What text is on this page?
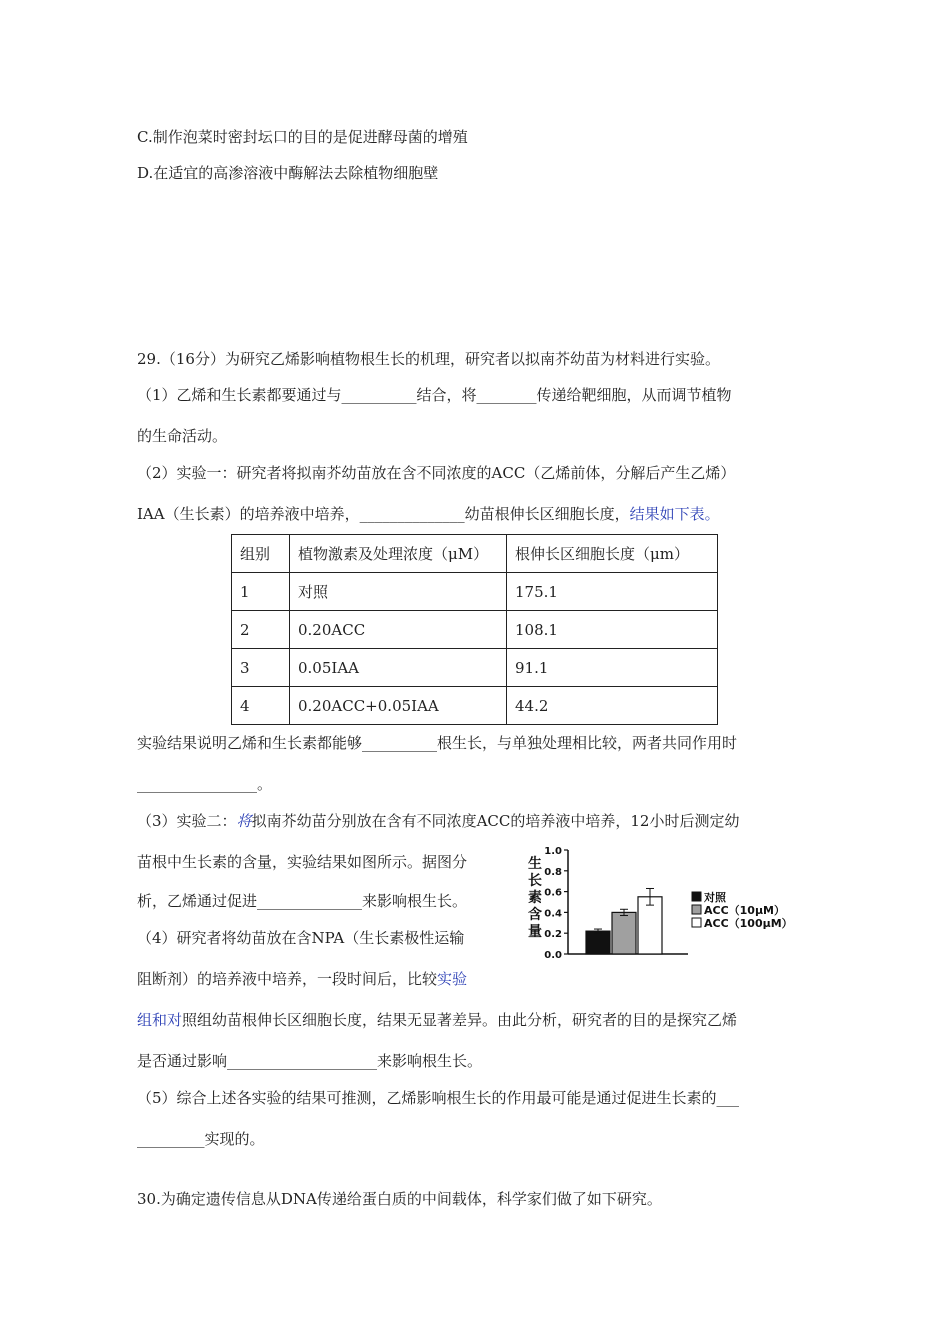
C.制作泡菜时密封坛口的目的是促进酵母菌的增殖
D.在适宜的高渗溶液中酶解法去除植物细胞壁
29.（16分）为研究乙烯影响植物根生长的机理，研究者以拟南芥幼苗为材料进行实验。
（1）乙烯和生长素都要通过与__________结合，将________传递给靶细胞，从而调节植物
的生命活动。
（2）实验一：研究者将拟南芥幼苗放在含不同浓度的ACC（乙烯前体，分解后产生乙烯）
IAA（生长素）的培养液中培养，______________幼苗根伸长区细胞长度，结果如下表。
组别	植物激素及处理浓度（μM）	根伸长区细胞长度（μm）
1	对照	175.1
2	0.20ACC	108.1
3	0.05IAA	91.1
4	0.20ACC+0.05IAA	44.2
实验结果说明乙烯和生长素都能够__________根生长，与单独处理相比较，两者共同作用时
________________。
（3）实验二：将拟南芥幼苗分别放在含有不同浓度ACC的培养液中培养，12小时后测定幼
苗根中生长素的含量，实验结果如图所示。据图分
析，乙烯通过促进______________来影响根生长。
（4）研究者将幼苗放在含NPA（生长素极性运输
阻断剂）的培养液中培养，一段时间后，比较实验
组和对照组幼苗根伸长区细胞长度，结果无显著差异。由此分析，研究者的目的是探究乙烯
是否通过影响____________________来影响根生长。
（5）综合上述各实验的结果可推测，乙烯影响根生长的作用最可能是通过促进生长素的___
_________实现的。
30.为确定遗传信息从DNA传递给蛋白质的中间载体，科学家们做了如下研究。
生
长
素
含
量
0.0
0.2
0.4
0.6
0.8
1.0
对照
ACC（10μM）
ACC（100μM）
